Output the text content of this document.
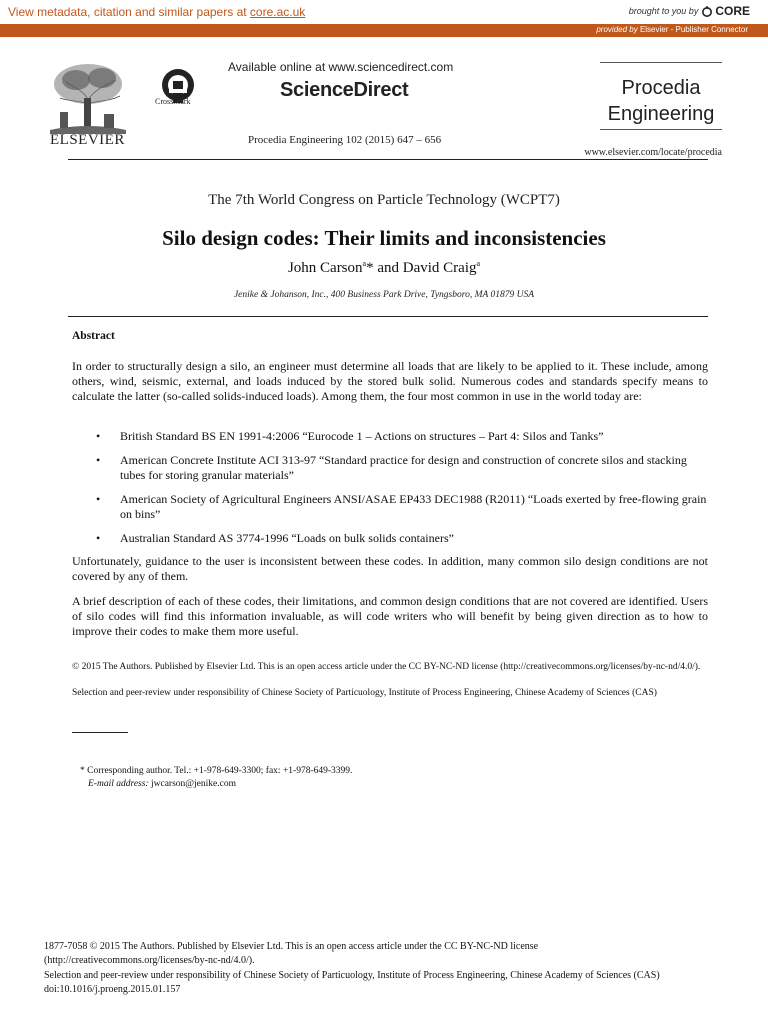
View metadata, citation and similar papers at core.ac.uk	brought to you by CORE
provided by Elsevier - Publisher Connector
ELSEVIER
CrossMark
Available online at www.sciencedirect.com
ScienceDirect
Procedia Engineering 102 (2015) 647 – 656
Procedia
Engineering
www.elsevier.com/locate/procedia
The 7th World Congress on Particle Technology (WCPT7)
Silo design codes: Their limits and inconsistencies
John Carson$^a$* and David Craig$^a$
Jenike & Johanson, Inc., 400 Business Park Drive, Tyngsboro, MA 01879 USA
Abstract
In order to structurally design a silo, an engineer must determine all loads that are likely to be applied to it. These include, among others, wind, seismic, external, and loads induced by the stored bulk solid. Numerous codes and standards specify means to calculate the latter (so-called solids-induced loads). Among them, the four most common in use in the world today are:
• British Standard BS EN 1991-4:2006 “Eurocode 1 – Actions on structures – Part 4: Silos and Tanks”
• American Concrete Institute ACI 313-97 “Standard practice for design and construction of concrete silos and stacking tubes for storing granular materials”
• American Society of Agricultural Engineers ANSI/ASAE EP433 DEC1988 (R2011) “Loads exerted by free-flowing grain on bins”
• Australian Standard AS 3774-1996 “Loads on bulk solids containers”
Unfortunately, guidance to the user is inconsistent between these codes. In addition, many common silo design conditions are not covered by any of them.
A brief description of each of these codes, their limitations, and common design conditions that are not covered are identified. Users of silo codes will find this information invaluable, as will code writers who will benefit by being given direction as to how to improve their codes to make them more useful.
© 2015 The Authors. Published by Elsevier Ltd. This is an open access article under the CC BY-NC-ND license (http://creativecommons.org/licenses/by-nc-nd/4.0/).
Selection and peer-review under responsibility of Chinese Society of Particuology, Institute of Process Engineering, Chinese Academy of Sciences (CAS)
* Corresponding author. Tel.: +1-978-649-3300; fax: +1-978-649-3399.
E-mail address: jwcarson@jenike.com
1877-7058 © 2015 The Authors. Published by Elsevier Ltd. This is an open access article under the CC BY-NC-ND license
(http://creativecommons.org/licenses/by-nc-nd/4.0/).
Selection and peer-review under responsibility of Chinese Society of Particuology, Institute of Process Engineering, Chinese Academy of Sciences (CAS)
doi:10.1016/j.proeng.2015.01.157
